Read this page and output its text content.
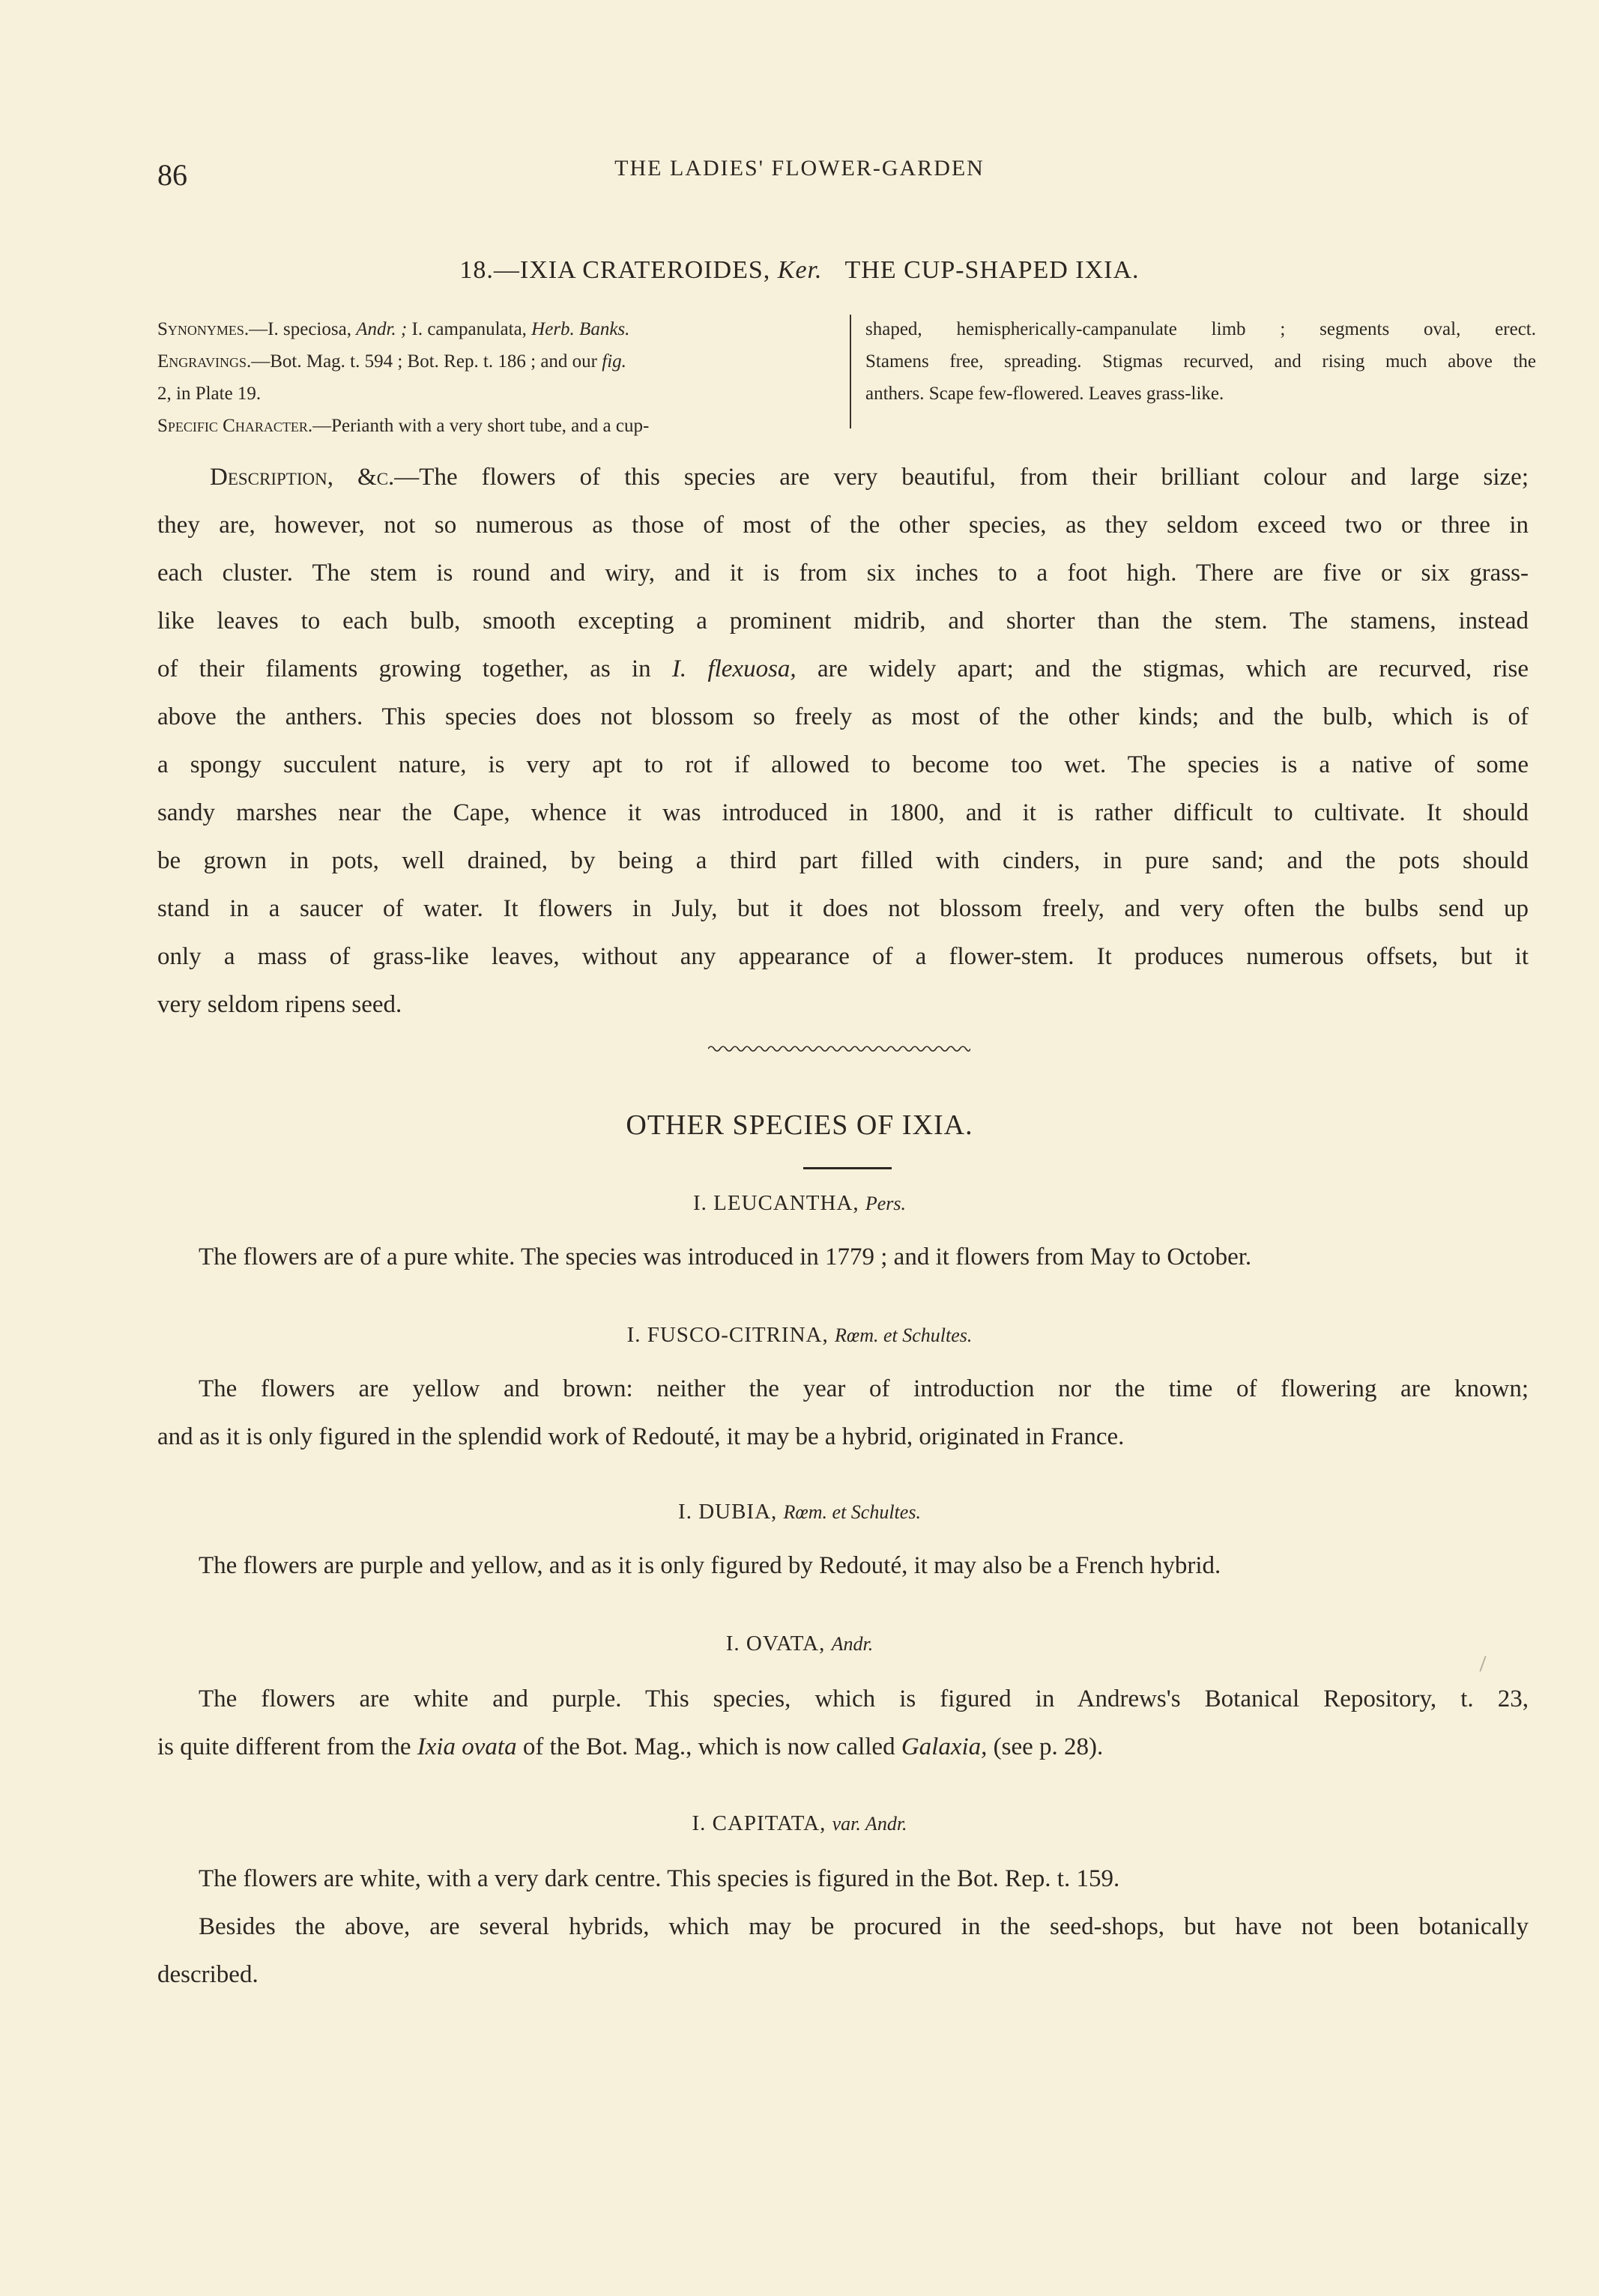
86	THE LADIES' FLOWER-GARDEN
18.—IXIA CRATEROIDES, Ker. THE CUP-SHAPED IXIA.
Synonymes.—I. speciosa, Andr. ; I. campanulata, Herb. Banks.
Engravings.—Bot. Mag. t. 594 ; Bot. Rep. t. 186 ; and our fig.
2, in Plate 19.
Specific Character.—Perianth with a very short tube, and a cup-
shaped, hemispherically-campanulate limb ; segments oval, erect.
Stamens free, spreading. Stigmas recurved, and rising much above the
anthers. Scape few-flowered. Leaves grass-like.
Description, &c.—The flowers of this species are very beautiful, from their brilliant colour and large size;
they are, however, not so numerous as those of most of the other species, as they seldom exceed two or three in
each cluster. The stem is round and wiry, and it is from six inches to a foot high. There are five or six grass-
like leaves to each bulb, smooth excepting a prominent midrib, and shorter than the stem. The stamens, instead
of their filaments growing together, as in I. flexuosa, are widely apart; and the stigmas, which are recurved, rise
above the anthers. This species does not blossom so freely as most of the other kinds; and the bulb, which is of
a spongy succulent nature, is very apt to rot if allowed to become too wet. The species is a native of some
sandy marshes near the Cape, whence it was introduced in 1800, and it is rather difficult to cultivate. It should
be grown in pots, well drained, by being a third part filled with cinders, in pure sand; and the pots should
stand in a saucer of water. It flowers in July, but it does not blossom freely, and very often the bulbs send up
only a mass of grass-like leaves, without any appearance of a flower-stem. It produces numerous offsets, but it
very seldom ripens seed.
OTHER SPECIES OF IXIA.
I. LEUCANTHA, Pers.
The flowers are of a pure white. The species was introduced in 1779 ; and it flowers from May to October.
I. FUSCO-CITRINA, Rœm. et Schultes.
The flowers are yellow and brown: neither the year of introduction nor the time of flowering are known;
and as it is only figured in the splendid work of Redouté, it may be a hybrid, originated in France.
I. DUBIA, Rœm. et Schultes.
The flowers are purple and yellow, and as it is only figured by Redouté, it may also be a French hybrid.
I. OVATA, Andr.
The flowers are white and purple. This species, which is figured in Andrews's Botanical Repository, t. 23,
is quite different from the Ixia ovata of the Bot. Mag., which is now called Galaxia, (see p. 28).
I. CAPITATA, var. Andr.
The flowers are white, with a very dark centre. This species is figured in the Bot. Rep. t. 159.
Besides the above, are several hybrids, which may be procured in the seed-shops, but have not been botanically
described.
